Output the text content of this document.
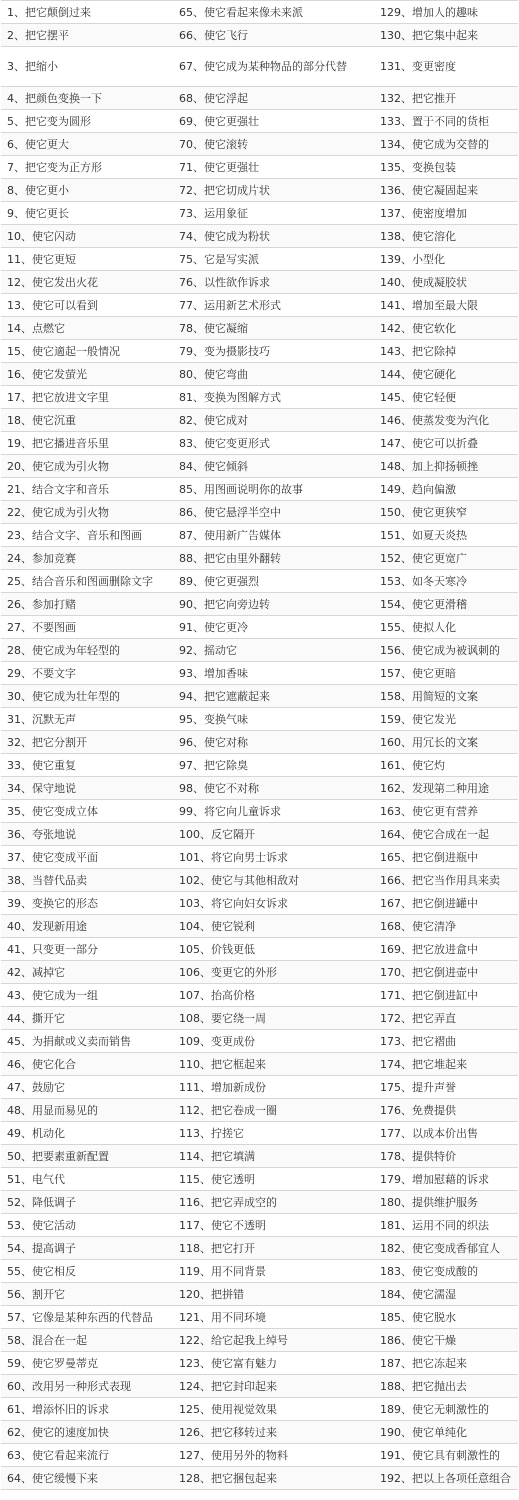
1、把它颠倒过来	65、使它看起来像未来派	129、增加人的趣味
2、把它摆平	66、使它飞行	130、把它集中起来
3、把缩小	67、使它成为某种物品的部分代替	131、变更密度
4、把颜色变换一下	68、使它浮起	132、把它推开
5、把它变为圆形	69、使它更强壮	133、置于不同的货柜
6、使它更大	70、使它滚转	134、使它成为交替的
7、把它变为正方形	71、使它更强壮	135、变换包装
8、使它更小	72、把它切成片状	136、使它凝固起来
9、使它更长	73、运用象征	137、使密度增加
10、使它闪动	74、使它成为粉状	138、使它溶化
11、使它更短	75、它是写实派	139、小型化
12、使它发出火花	76、以性欲作诉求	140、使成凝胶状
13、使它可以看到	77、运用新艺术形式	141、增加至最大限
14、点燃它	78、使它凝缩	142、使它软化
15、使它適起一般情况	79、变为摄影技巧	143、把它除掉
16、使它发萤光	80、使它弯曲	144、使它硬化
17、把它放进文字里	81、变换为图解方式	145、使它轻便
18、使它沉重	82、使它成对	146、使蒸发变为汽化
19、把它播进音乐里	83、使它变更形式	147、使它可以折叠
20、使它成为引火物	84、使它倾斜	148、加上抑扬顿挫
21、结合文字和音乐	85、用图画说明你的故事	149、趋向偏激
22、使它成为引火物	86、使它悬浮半空中	150、使它更狭窄
23、结合文字、音乐和图画	87、使用新广告媒体	151、如夏天炎热
24、参加竞赛	88、把它由里外翻转	152、使它更宽广
25、结合音乐和图画删除文字	89、使它更强烈	153、如冬天寒冷
26、参加打赌	90、把它向旁边转	154、使它更滑稽
27、不要图画	91、使它更冷	155、使拟人化
28、使它成为年轻型的	92、摇动它	156、使它成为被讽刺的
29、不要文字	93、增加香味	157、使它更暗
30、使它成为壮年型的	94、把它遮蔽起来	158、用简短的文案
31、沉默无声	95、变换气味	159、使它发光
32、把它分割开	96、使它对称	160、用冗长的文案
33、使它重复	97、把它除臭	161、使它灼
34、保守地说	98、使它不对称	162、发现第二种用途
35、使它变成立体	99、将它向儿童诉求	163、使它更有营养
36、夸张地说	100、反它隔开	164、使它合成在一起
37、使它变成平面	101、将它向男士诉求	165、把它倒进瓶中
38、当替代品卖	102、使它与其他相敌对	166、把它当作用具来卖
39、变换它的形态	103、将它向妇女诉求	167、把它倒进罐中
40、发现新用途	104、使它锐利	168、使它清净
41、只变更一部分	105、价钱更低	169、把它放进盒中
42、减掉它	106、变更它的外形	170、把它倒进壶中
43、使它成为一组	107、抬高价格	171、把它倒进缸中
44、撕开它	108、要它绕一周	172、把它弄直
45、为捐献或义卖而销售	109、变更成份	173、把它褶曲
46、使它化合	110、把它框起来	174、把它堆起来
47、鼓励它	111、增加新成份	175、提升声誉
48、用显而易见的	112、把它卷成一圈	176、免费提供
49、机动化	113、拧搓它	177、以成本价出售
50、把要素重新配置	114、把它填满	178、提供特价
51、电气代	115、使它透明	179、增加慰藉的诉求
52、降低调子	116、把它弄成空的	180、提供维护服务
53、使它活动	117、使它不透明	181、运用不同的织法
54、提高调子	118、把它打开	182、使它变成香郁宜人
55、使它相反	119、用不同背景	183、使它变成酸的
56、割开它	120、把拼错	184、使它濡湿
57、它像是某种东西的代替品	121、用不同环境	185、使它脱水
58、混合在一起	122、给它起我上绰号	186、使它干燥
59、使它罗曼蒂克	123、使它富有魅力	187、把它冻起来
60、改用另一种形式表现	124、把它封印起来	188、把它抛出去
61、增添怀旧的诉求	125、使用视觉效果	189、使它无刺激性的
62、使它的速度加快	126、把它移转过来	190、使它单纯化
63、使它看起来流行	127、使用另外的物料	191、使它具有刺激性的
64、使它缓慢下来	128、把它捆包起来	192、把以上各项任意组合
